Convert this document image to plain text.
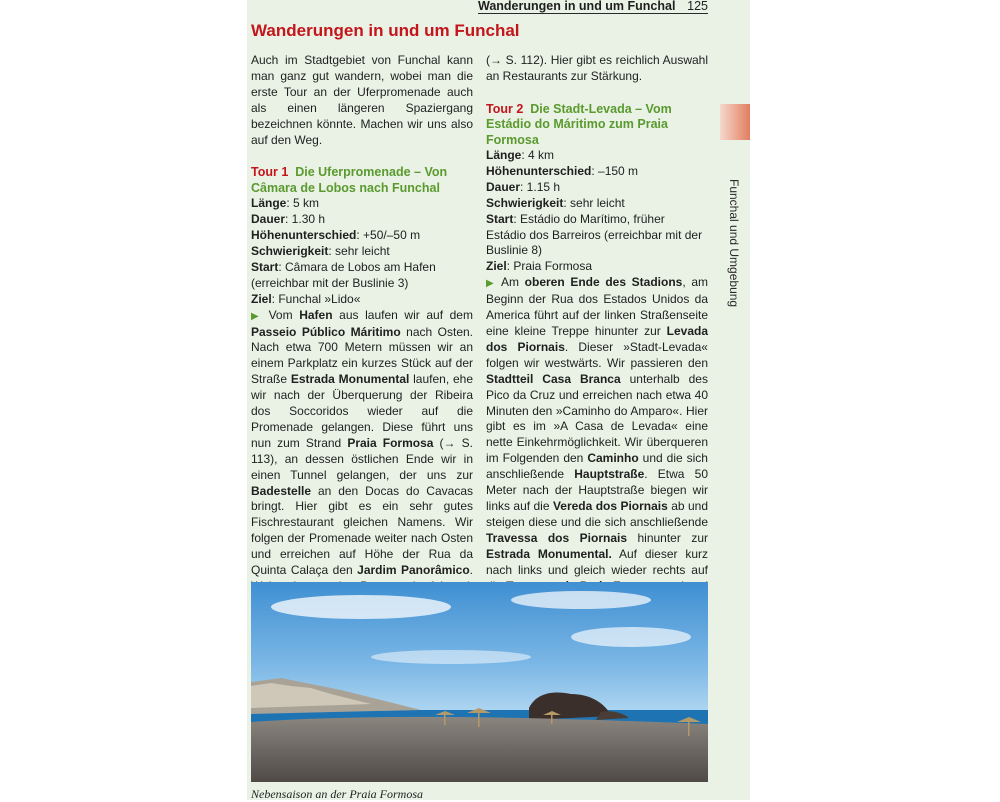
Wanderungen in und um Funchal 125
Wanderungen in und um Funchal
Funchal und Umgebung

Auch im Stadtgebiet von Funchal kann man ganz gut wandern, wobei man die erste Tour an der Uferpromenade auch als einen längeren Spaziergang bezeichnen könnte. Machen wir uns also auf den Weg.

Tour 1 Die Uferpromenade – Von Câmara de Lobos nach Funchal
Länge: 5 km
Dauer: 1.30 h
Höhenunterschied: +50/–50 m
Schwierigkeit: sehr leicht
Start: Câmara de Lobos am Hafen (erreichbar mit der Buslinie 3)
Ziel: Funchal »Lido«

▶ Vom Hafen aus laufen wir auf dem Passeio Público Máritimo nach Osten. Nach etwa 700 Metern müssen wir an einem Parkplatz ein kurzes Stück auf der Straße Estrada Monumental laufen, ehe wir nach der Überquerung der Ribeira dos Soccoridos wieder auf die Promenade gelangen. Diese führt uns nun zum Strand Praia Formosa (→ S. 113), an dessen östlichen Ende wir in einen Tunnel gelangen, der uns zur Badestelle an den Docas do Cavacas bringt. Hier gibt es ein sehr gutes Fischrestaurant gleichen Namens. Wir folgen der Promenade weiter nach Osten und erreichen auf Höhe der Rua da Quinta Calaça den Jardim Panorâmico.

(→ S. 112). Hier gibt es reichlich Auswahl an Restaurants zur Stärkung.

Tour 2 Die Stadt-Levada – Vom Estádio do Máritimo zum Praia Formosa
Länge: 4 km
Höhenunterschied: –150 m
Dauer: 1.15 h
Schwierigkeit: sehr leicht
Start: Estádio do Marítimo, früher Estádio dos Barreiros (erreichbar mit der Buslinie 8)
Ziel: Praia Formosa

▶ Am oberen Ende des Stadions, am Beginn der Rua dos Estados Unidos da America führt auf der linken Straßenseite eine kleine Treppe hinunter zur Levada dos Piornais. Dieser »Stadt-Levada« folgen wir westwärts. Wir passieren den Stadtteil Casa Branca unterhalb des Pico da Cruz und erreichen nach etwa 40 Minuten den »Caminho do Amparo«. Hier gibt es im »A Casa de Levada« eine nette Einkehrmöglichkeit. Wir überqueren im Folgenden den Caminho und die sich anschließende Hauptstraße. Etwa 50 Meter nach der Hauptstraße biegen wir links auf die Vereda dos Piornais ab und steigen diese und die sich anschließende Travessa dos Piornais hinunter zur Estrada Monumental. Auf dieser kurz nach links und gleich wieder rechts auf

Nebensaison an der Praia Formosa
